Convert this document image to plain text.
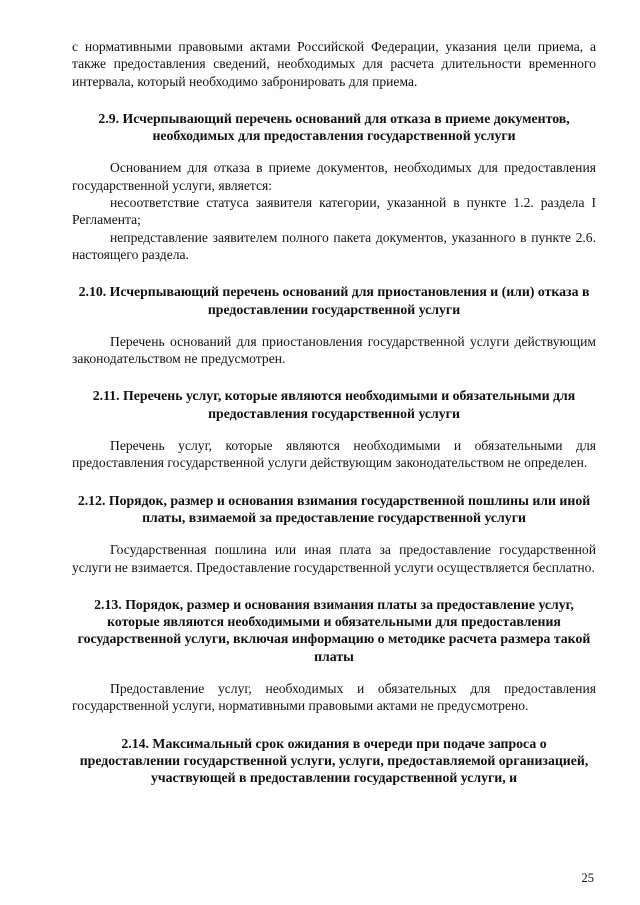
с нормативными правовыми актами Российской Федерации, указания цели приема, а также предоставления сведений, необходимых для расчета длительности временного интервала, который необходимо забронировать для приема.

2.9. Исчерпывающий перечень оснований для отказа в приеме документов, необходимых для предоставления государственной услуги

Основанием для отказа в приеме документов, необходимых для предоставления государственной услуги, является:

несоответствие статуса заявителя категории, указанной в пункте 1.2. раздела I Регламента;

непредставление заявителем полного пакета документов, указанного в пункте 2.6. настоящего раздела.

2.10. Исчерпывающий перечень оснований для приостановления и (или) отказа в предоставлении государственной услуги

Перечень оснований для приостановления государственной услуги действующим законодательством не предусмотрен.

2.11. Перечень услуг, которые являются необходимыми и обязательными для предоставления государственной услуги

Перечень услуг, которые являются необходимыми и обязательными для предоставления государственной услуги действующим законодательством не определен.

2.12. Порядок, размер и основания взимания государственной пошлины или иной платы, взимаемой за предоставление государственной услуги

Государственная пошлина или иная плата за предоставление государственной услуги не взимается. Предоставление государственной услуги осуществляется бесплатно.

2.13. Порядок, размер и основания взимания платы за предоставление услуг, которые являются необходимыми и обязательными для предоставления государственной услуги, включая информацию о методике расчета размера такой платы

Предоставление услуг, необходимых и обязательных для предоставления государственной услуги, нормативными правовыми актами не предусмотрено.

2.14. Максимальный срок ожидания в очереди при подаче запроса о предоставлении государственной услуги, услуги, предоставляемой организацией, участвующей в предоставлении государственной услуги, и
25
